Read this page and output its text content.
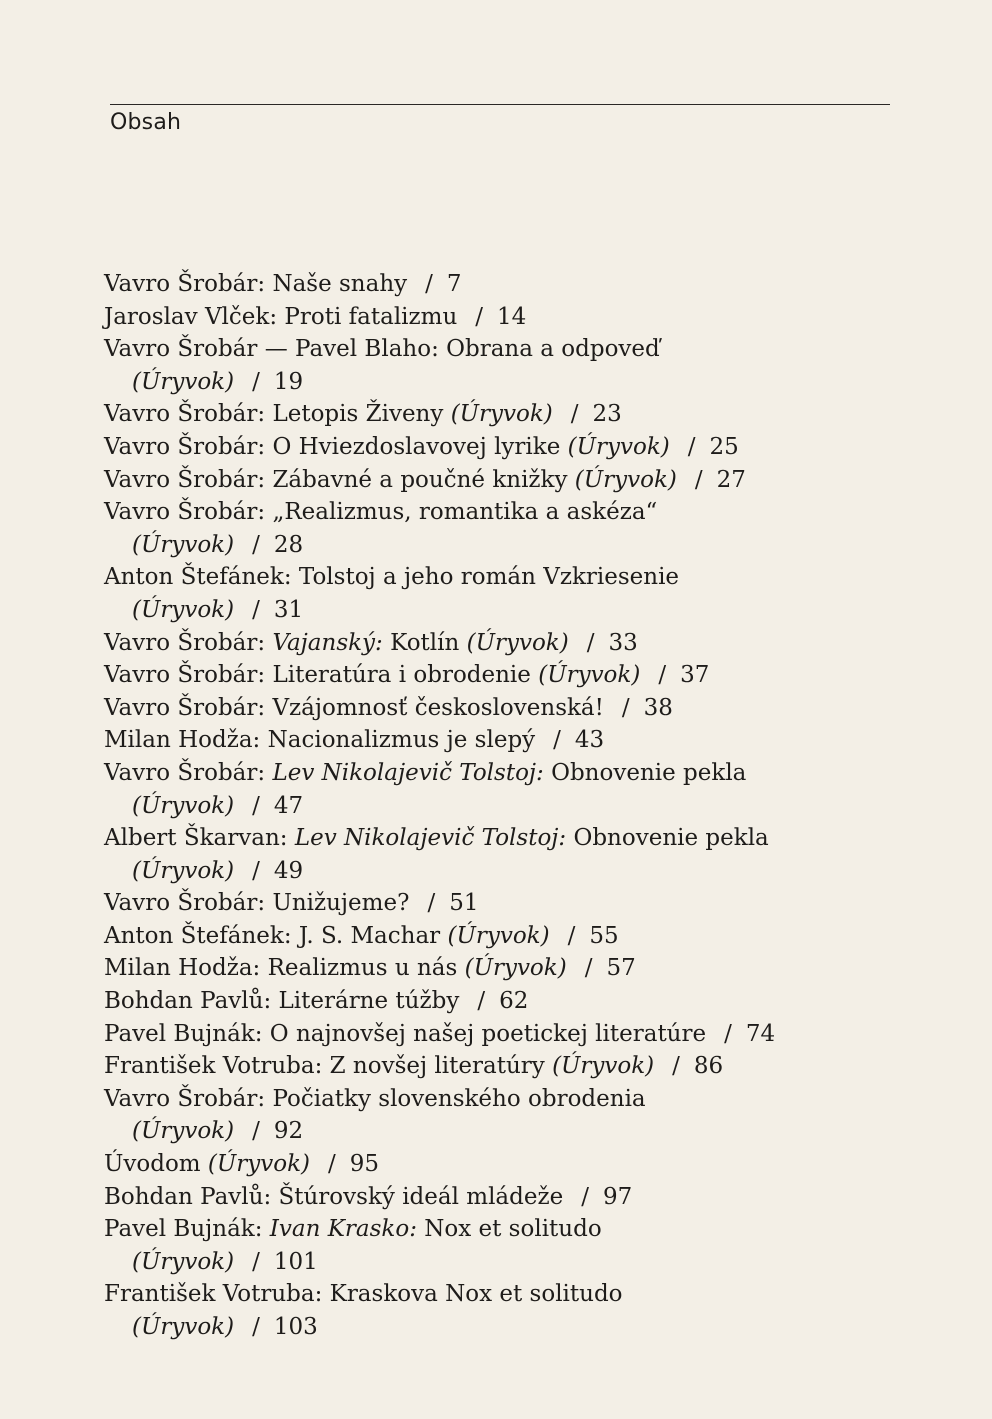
Obsah
Vavro Šrobár: Naše snahy / 7
Jaroslav Vlček: Proti fatalizmu / 14
Vavro Šrobár — Pavel Blaho: Obrana a odpoveď
(Úryvok) / 19
Vavro Šrobár: Letopis Živeny (Úryvok) / 23
Vavro Šrobár: O Hviezdoslavovej lyrike (Úryvok) / 25
Vavro Šrobár: Zábavné a poučné knižky (Úryvok) / 27
Vavro Šrobár: „Realizmus, romantika a askéza“
(Úryvok) / 28
Anton Štefánek: Tolstoj a jeho román Vzkriesenie
(Úryvok) / 31
Vavro Šrobár: Vajanský: Kotlín (Úryvok) / 33
Vavro Šrobár: Literatúra i obrodenie (Úryvok) / 37
Vavro Šrobár: Vzájomnosť československá! / 38
Milan Hodža: Nacionalizmus je slepý / 43
Vavro Šrobár: Lev Nikolajevič Tolstoj: Obnovenie pekla
(Úryvok) / 47
Albert Škarvan: Lev Nikolajevič Tolstoj: Obnovenie pekla
(Úryvok) / 49
Vavro Šrobár: Unižujeme? / 51
Anton Štefánek: J. S. Machar (Úryvok) / 55
Milan Hodža: Realizmus u nás (Úryvok) / 57
Bohdan Pavlů: Literárne túžby / 62
Pavel Bujnák: O najnovšej našej poetickej literatúre / 74
František Votruba: Z novšej literatúry (Úryvok) / 86
Vavro Šrobár: Počiatky slovenského obrodenia
(Úryvok) / 92
Úvodom (Úryvok) / 95
Bohdan Pavlů: Štúrovský ideál mládeže / 97
Pavel Bujnák: Ivan Krasko: Nox et solitudo
(Úryvok) / 101
František Votruba: Kraskova Nox et solitudo
(Úryvok) / 103
